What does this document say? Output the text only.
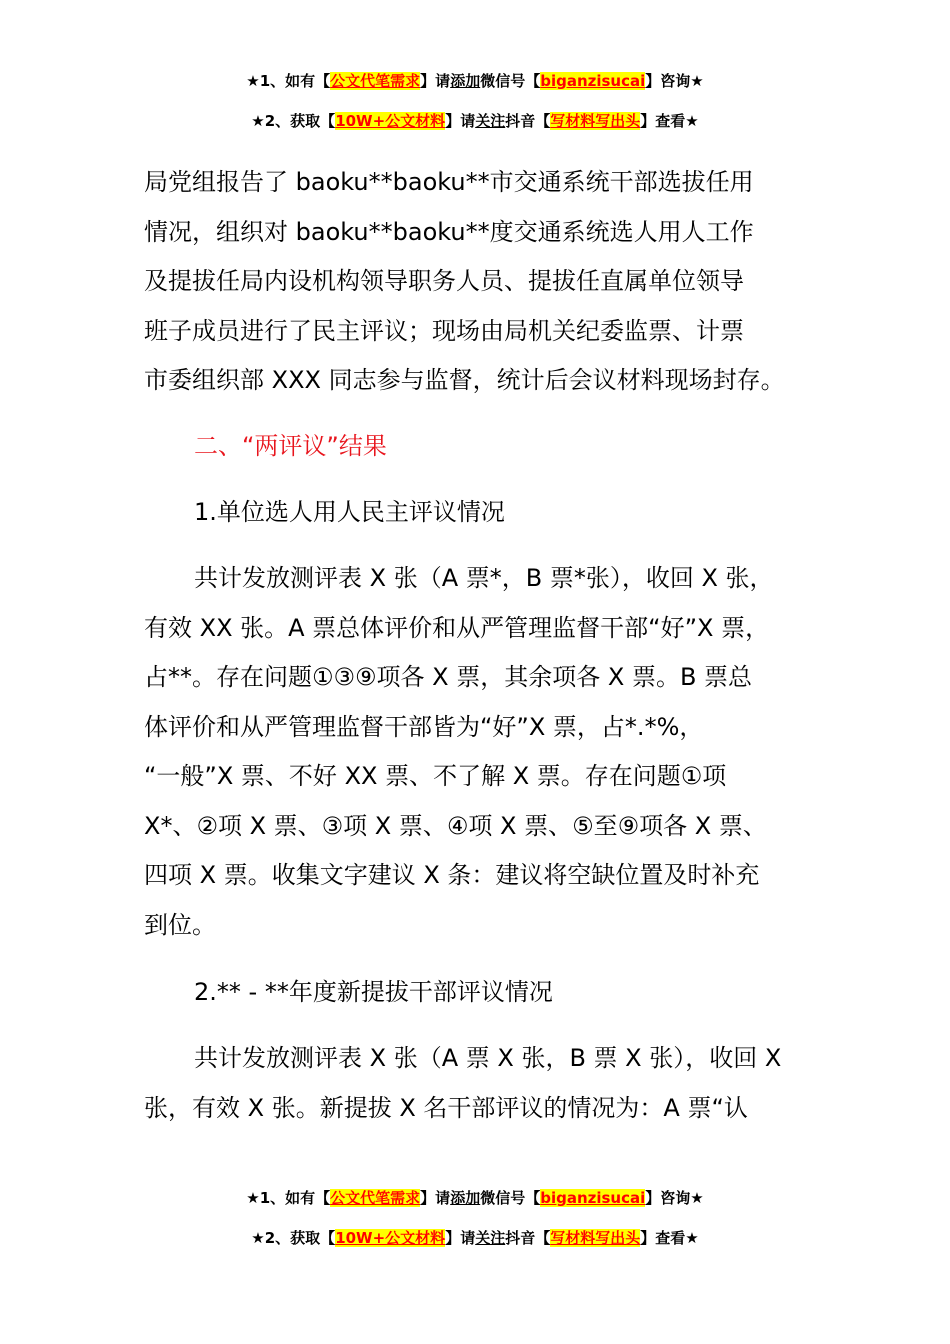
★1、如有【公文代笔需求】请添加微信号【biganzisucai】咨询★
★2、获取【10W+公文材料】请关注抖音【写材料写出头】查看★
局党组报告了 baoku**baoku**市交通系统干部选拔任用
情况，组织对 baoku**baoku**度交通系统选人用人工作
及提拔任局内设机构领导职务人员、提拔任直属单位领导
班子成员进行了民主评议；现场由局机关纪委监票、计票
市委组织部 XXX 同志参与监督，统计后会议材料现场封存。
二、“两评议”结果
1.单位选人用人民主评议情况
共计发放测评表 X 张（A 票*，B 票*张），收回 X 张，
有效 XX 张。A 票总体评价和从严管理监督干部“好”X 票，
占**。存在问题①③⑨项各 X 票，其余项各 X 票。B 票总
体评价和从严管理监督干部皆为“好”X 票，占*.*%，
“一般”X 票、不好 XX 票、不了解 X 票。存在问题①项
X*、②项 X 票、③项 X 票、④项 X 票、⑤至⑨项各 X 票、
四项 X 票。收集文字建议 X 条：建议将空缺位置及时补充
到位。
2.** - **年度新提拔干部评议情况
共计发放测评表 X 张（A 票 X 张，B 票 X 张），收回 X
张，有效 X 张。新提拔 X 名干部评议的情况为：A 票“认
★1、如有【公文代笔需求】请添加微信号【biganzisucai】咨询★
★2、获取【10W+公文材料】请关注抖音【写材料写出头】查看★
